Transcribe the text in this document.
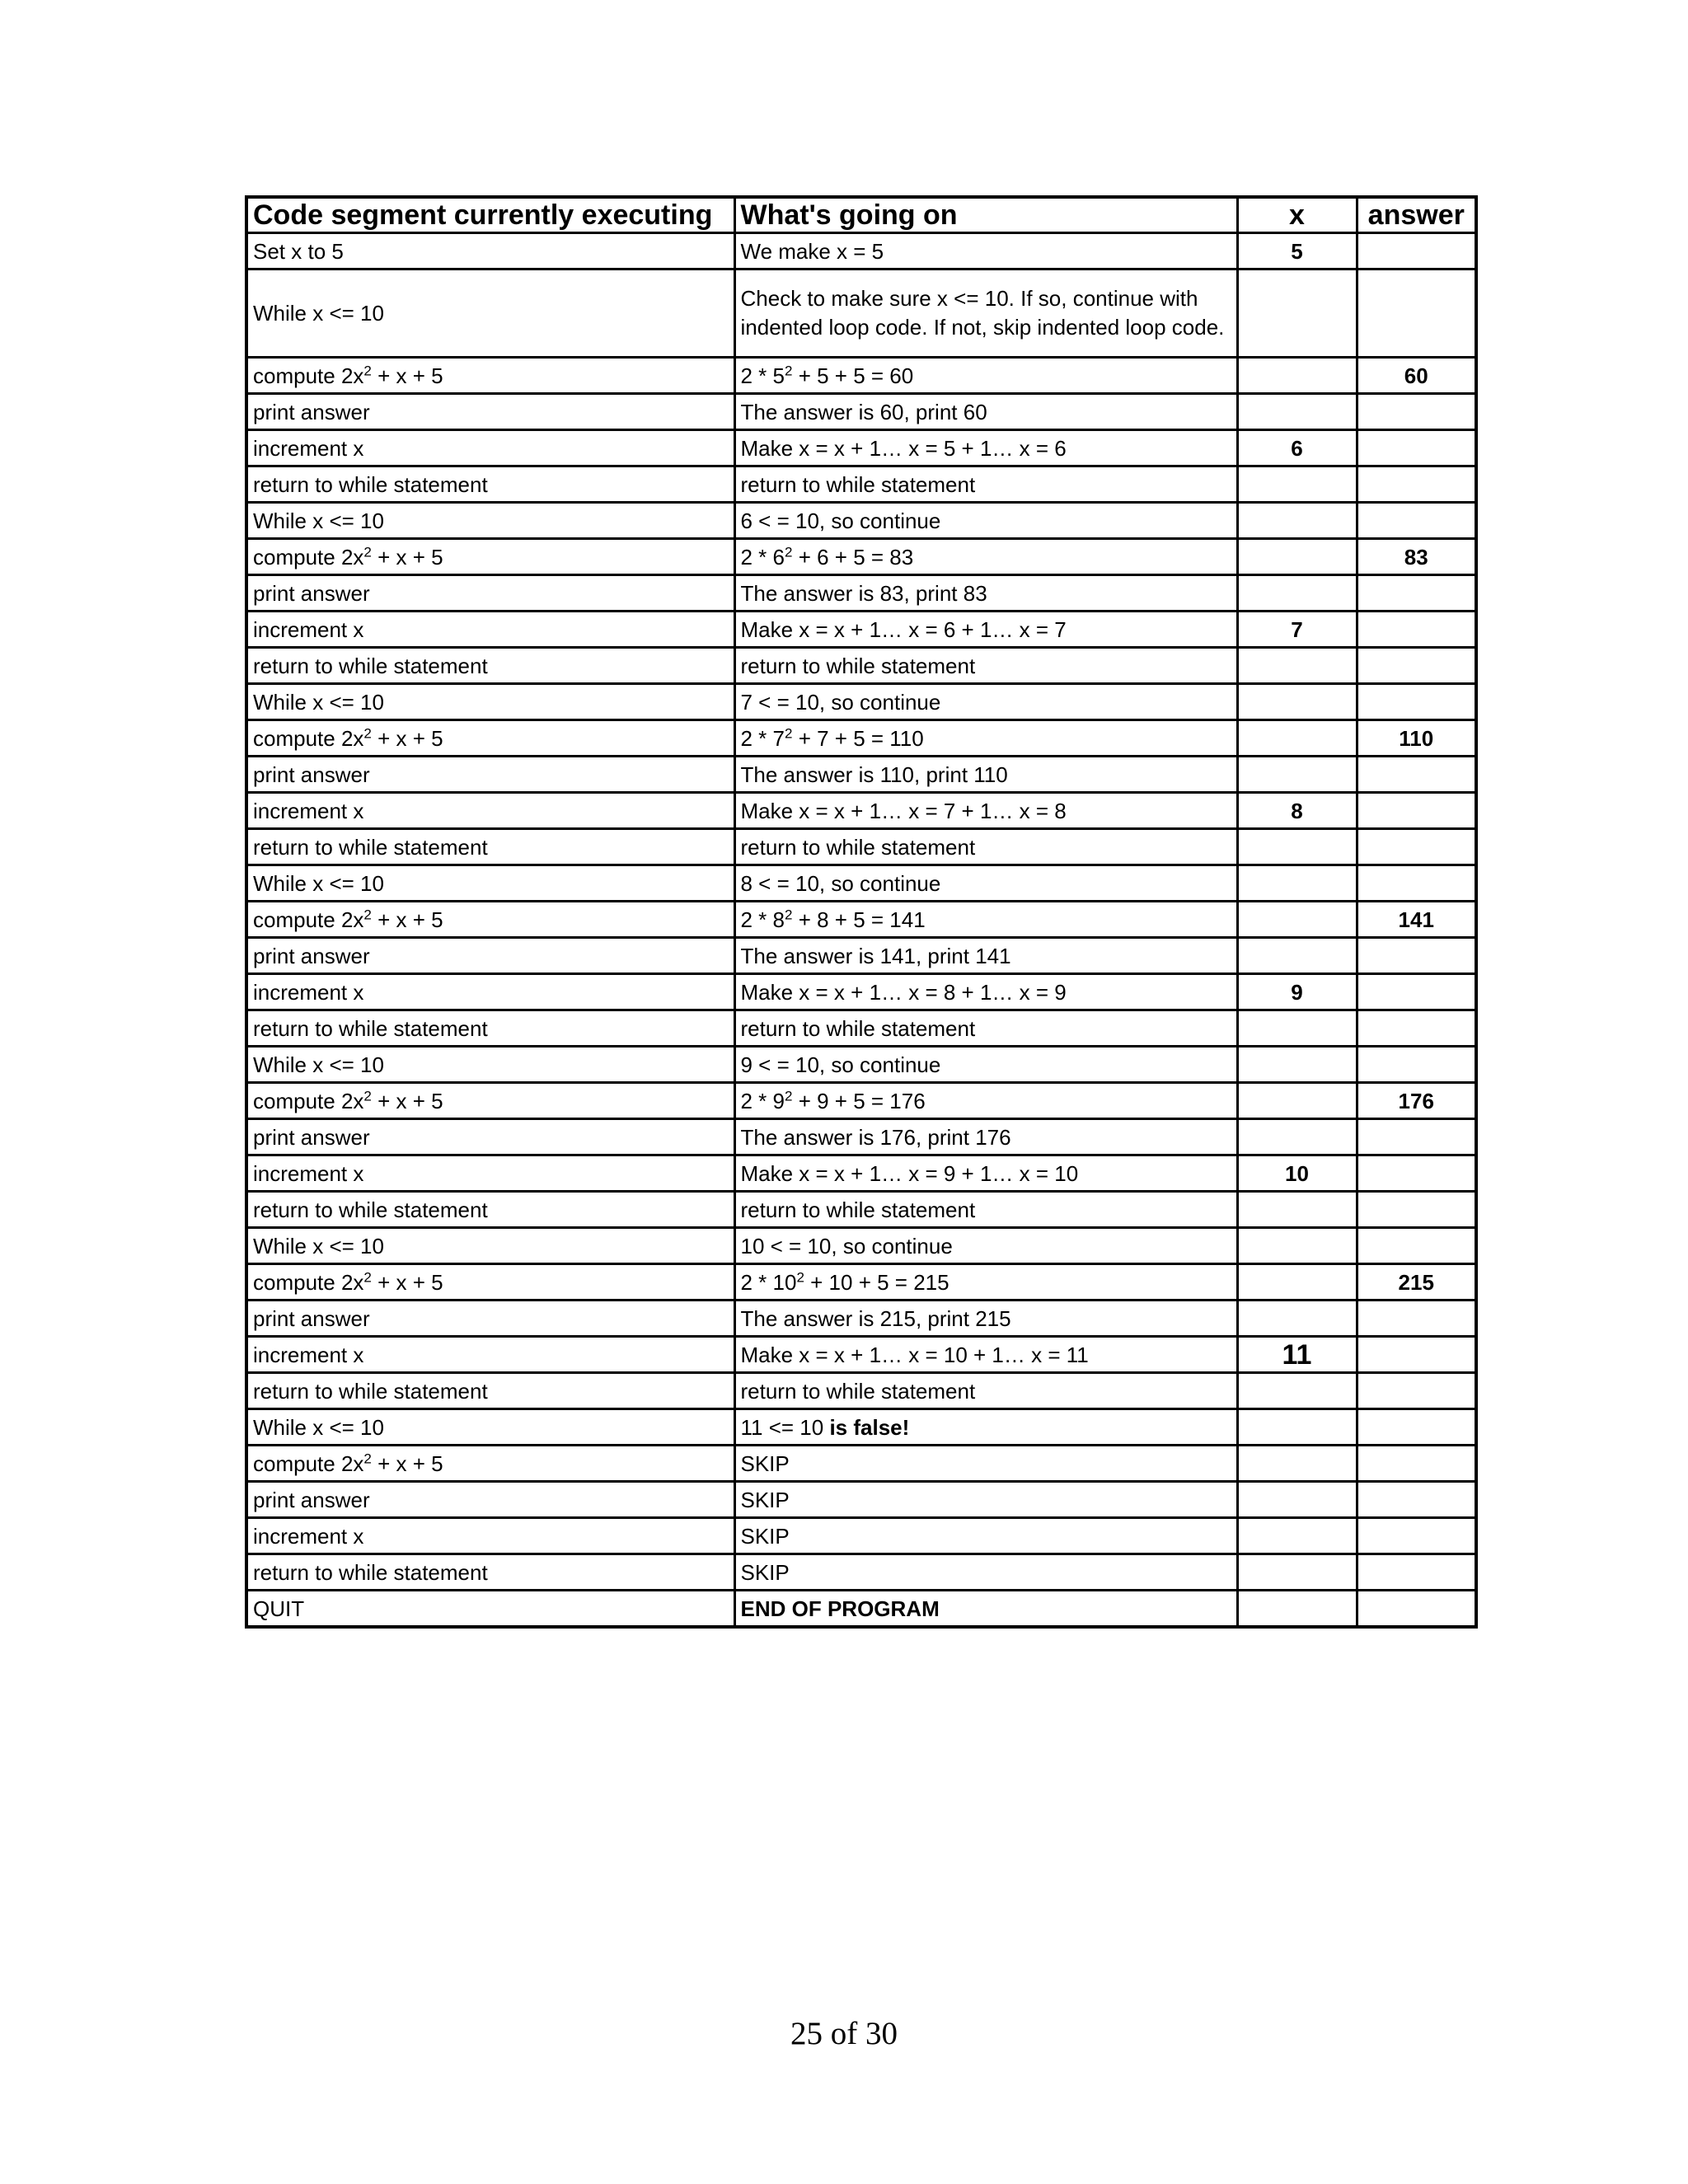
Code segment currently executing	What's going on	x	answer
Set x to 5	We make x = 5	5	
While x <= 10	Check to make sure x <= 10. If so, continue with indented loop code. If not, skip indented loop code.		
compute $2x^2 + x + 5$	$2 * 5^2 + 5 + 5 = 60$		60
print answer	The answer is 60, print 60		
increment x	Make x = x + 1… x = 5 + 1… x = 6	6	
return to while statement	return to while statement		
While x <= 10	6 < = 10, so continue		
compute $2x^2 + x + 5$	$2 * 6^2 + 6 + 5 = 83$		83
print answer	The answer is 83, print 83		
increment x	Make x = x + 1… x = 6 + 1… x = 7	7	
return to while statement	return to while statement		
While x <= 10	7 < = 10, so continue		
compute $2x^2 + x + 5$	$2 * 7^2 + 7 + 5 = 110$		110
print answer	The answer is 110, print 110		
increment x	Make x = x + 1… x = 7 + 1… x = 8	8	
return to while statement	return to while statement		
While x <= 10	8 < = 10, so continue		
compute $2x^2 + x + 5$	$2 * 8^2 + 8 + 5 = 141$		141
print answer	The answer is 141, print 141		
increment x	Make x = x + 1… x = 8 + 1… x = 9	9	
return to while statement	return to while statement		
While x <= 10	9 < = 10, so continue		
compute $2x^2 + x + 5$	$2 * 9^2 + 9 + 5 = 176$		176
print answer	The answer is 176, print 176		
increment x	Make x = x + 1… x = 9 + 1… x = 10	10	
return to while statement	return to while statement		
While x <= 10	10 < = 10, so continue		
compute $2x^2 + x + 5$	$2 * 10^2 + 10 + 5 = 215$		215
print answer	The answer is 215, print 215		
increment x	Make x = x + 1… x = 10 + 1… x = 11	11	
return to while statement	return to while statement		
While x <= 10	11 <= 10 is false!		
compute $2x^2 + x + 5$	SKIP		
print answer	SKIP		
increment x	SKIP		
return to while statement	SKIP		
QUIT	END OF PROGRAM		
25 of 30
